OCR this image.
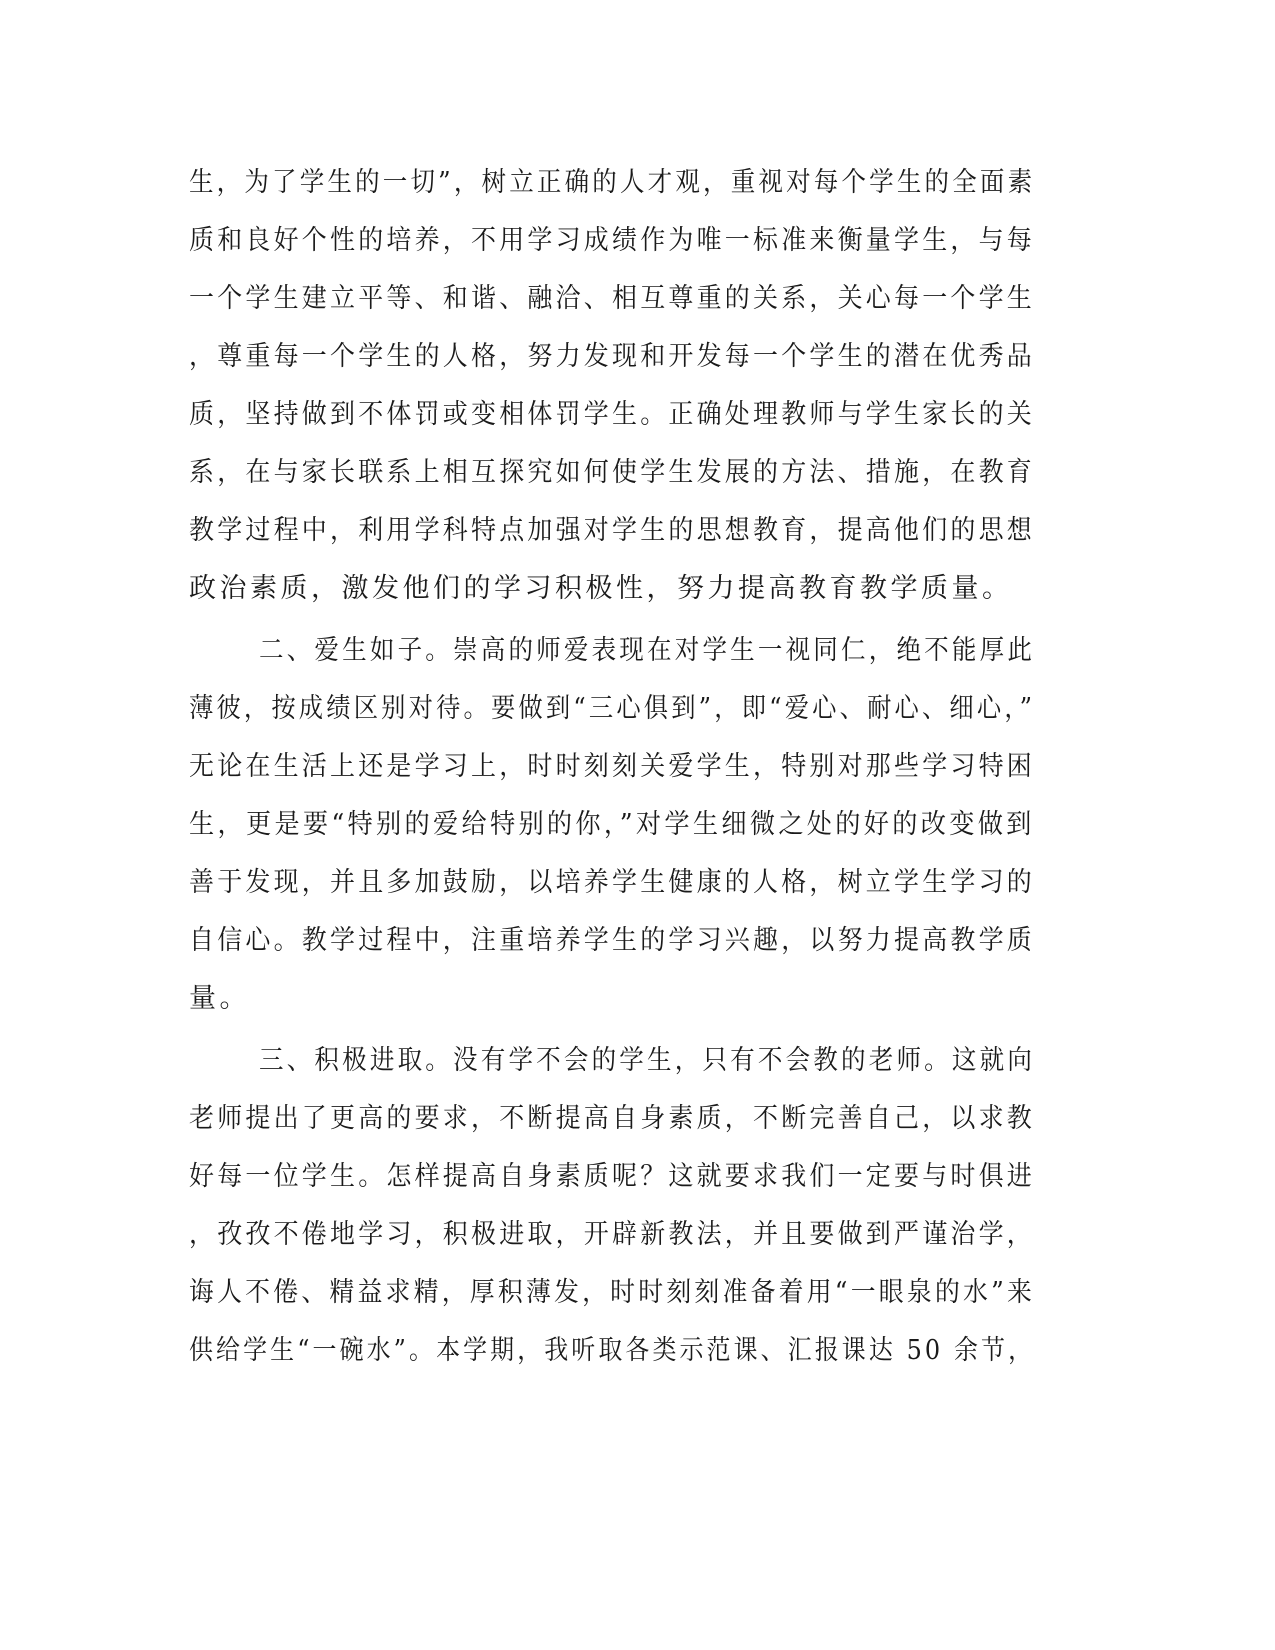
生，为了学生的一切”，树立正确的人才观，重视对每个学生的全面素
质和良好个性的培养，不用学习成绩作为唯一标准来衡量学生，与每
一个学生建立平等、和谐、融洽、相互尊重的关系，关心每一个学生
，尊重每一个学生的人格，努力发现和开发每一个学生的潜在优秀品
质，坚持做到不体罚或变相体罚学生。正确处理教师与学生家长的关
系，在与家长联系上相互探究如何使学生发展的方法、措施，在教育
教学过程中，利用学科特点加强对学生的思想教育，提高他们的思想
政治素质，激发他们的学习积极性，努力提高教育教学质量。
二、爱生如子。崇高的师爱表现在对学生一视同仁，绝不能厚此
薄彼，按成绩区别对待。要做到“三心俱到”，即“爱心、耐心、细心，”
无论在生活上还是学习上，时时刻刻关爱学生，特别对那些学习特困
生，更是要“特别的爱给特别的你，”对学生细微之处的好的改变做到
善于发现，并且多加鼓励，以培养学生健康的人格，树立学生学习的
自信心。教学过程中，注重培养学生的学习兴趣，以努力提高教学质
量。
三、积极进取。没有学不会的学生，只有不会教的老师。这就向
老师提出了更高的要求，不断提高自身素质，不断完善自己，以求教
好每一位学生。怎样提高自身素质呢？这就要求我们一定要与时俱进
，孜孜不倦地学习，积极进取，开辟新教法，并且要做到严谨治学，
诲人不倦、精益求精，厚积薄发，时时刻刻准备着用“一眼泉的水”来
供给学生“一碗水”。本学期，我听取各类示范课、汇报课达 50 余节，
